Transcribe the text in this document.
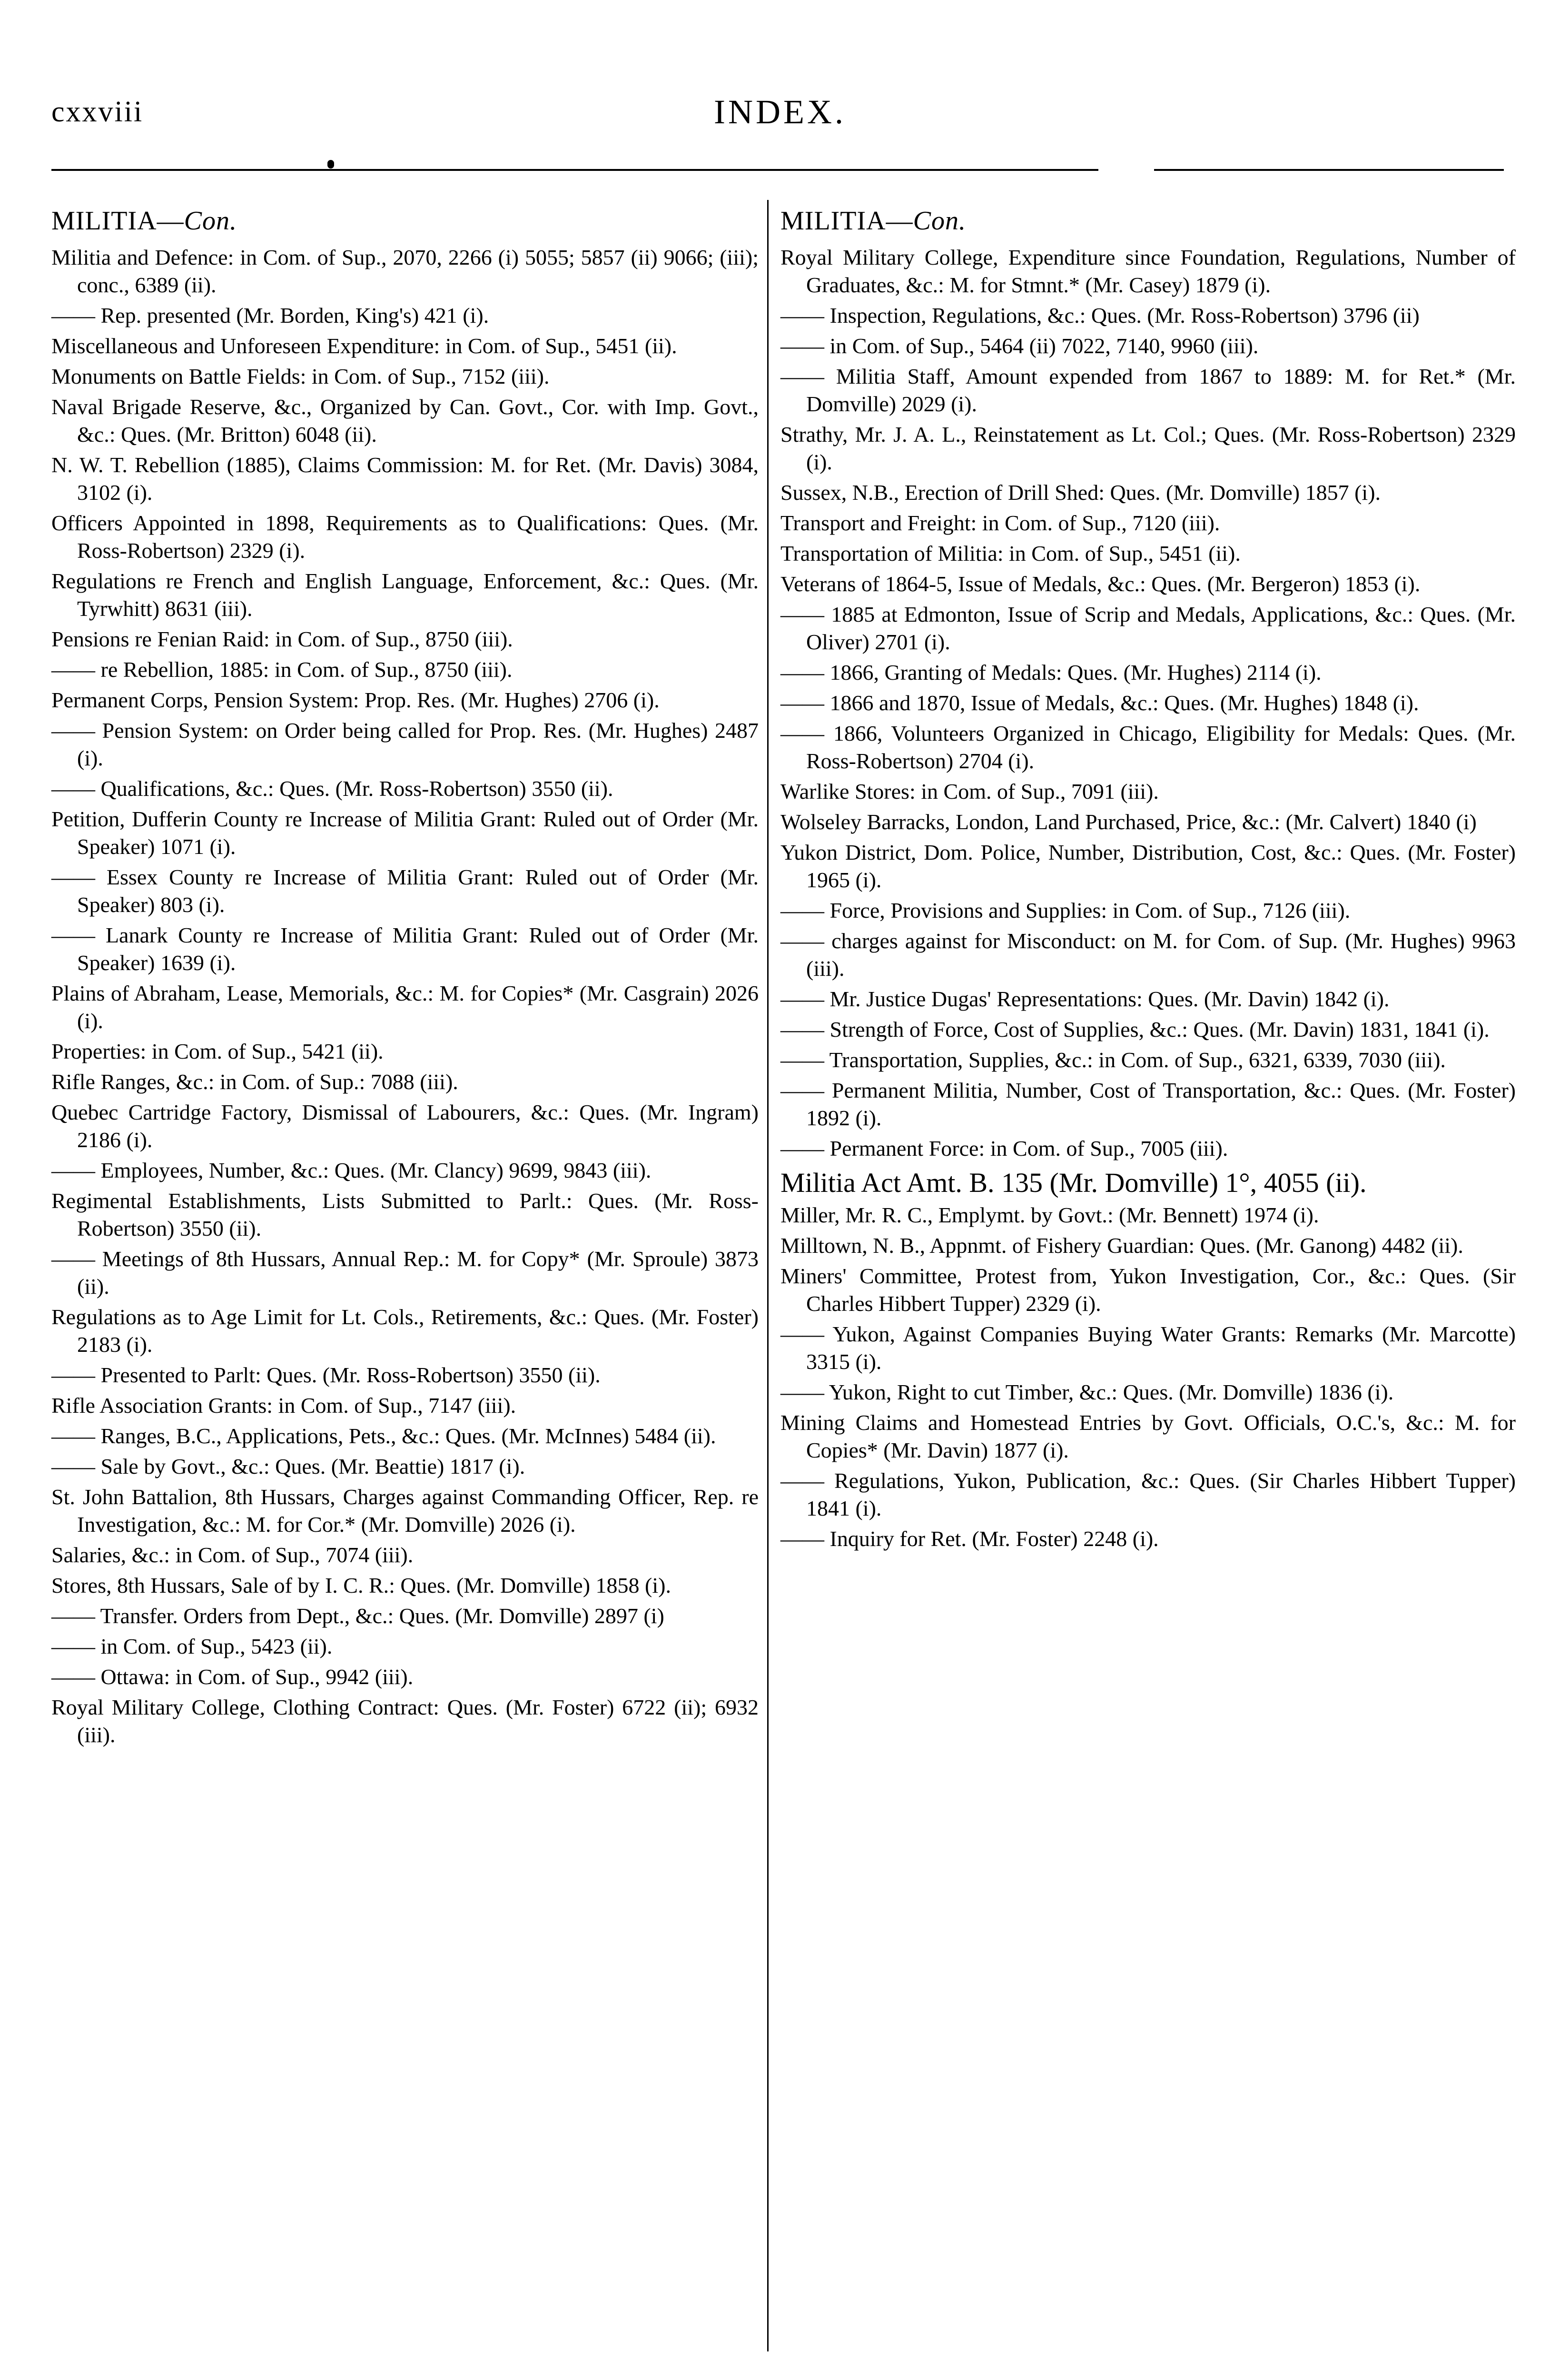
cxxviii	INDEX.
MILITIA—Con.
Militia and Defence: in Com. of Sup., 2070, 2266 (i) 5055; 5857 (ii) 9066; (iii); conc., 6389 (ii).
—— Rep. presented (Mr. Borden, King's) 421 (i).
Miscellaneous and Unforeseen Expenditure: in Com. of Sup., 5451 (ii).
Monuments on Battle Fields: in Com. of Sup., 7152 (iii).
Naval Brigade Reserve, &c., Organized by Can. Govt., Cor. with Imp. Govt., &c.: Ques. (Mr. Britton) 6048 (ii).
N. W. T. Rebellion (1885), Claims Commission: M. for Ret. (Mr. Davis) 3084, 3102 (i).
Officers Appointed in 1898, Requirements as to Qualifications: Ques. (Mr. Ross-Robertson) 2329 (i).
Regulations re French and English Language, Enforcement, &c.: Ques. (Mr. Tyrwhitt) 8631 (iii).
Pensions re Fenian Raid: in Com. of Sup., 8750 (iii).
—— re Rebellion, 1885: in Com. of Sup., 8750 (iii).
Permanent Corps, Pension System: Prop. Res. (Mr. Hughes) 2706 (i).
—— Pension System: on Order being called for Prop. Res. (Mr. Hughes) 2487 (i).
—— Qualifications, &c.: Ques. (Mr. Ross-Robertson) 3550 (ii).
Petition, Dufferin County re Increase of Militia Grant: Ruled out of Order (Mr. Speaker) 1071 (i).
—— Essex County re Increase of Militia Grant: Ruled out of Order (Mr. Speaker) 803 (i).
—— Lanark County re Increase of Militia Grant: Ruled out of Order (Mr. Speaker) 1639 (i).
Plains of Abraham, Lease, Memorials, &c.: M. for Copies* (Mr. Casgrain) 2026 (i).
Properties: in Com. of Sup., 5421 (ii).
Rifle Ranges, &c.: in Com. of Sup.: 7088 (iii).
Quebec Cartridge Factory, Dismissal of Labourers, &c.: Ques. (Mr. Ingram) 2186 (i).
—— Employees, Number, &c.: Ques. (Mr. Clancy) 9699, 9843 (iii).
Regimental Establishments, Lists Submitted to Parlt.: Ques. (Mr. Ross-Robertson) 3550 (ii).
—— Meetings of 8th Hussars, Annual Rep.: M. for Copy* (Mr. Sproule) 3873 (ii).
Regulations as to Age Limit for Lt. Cols., Retirements, &c.: Ques. (Mr. Foster) 2183 (i).
—— Presented to Parlt: Ques. (Mr. Ross-Robertson) 3550 (ii).
Rifle Association Grants: in Com. of Sup., 7147 (iii).
—— Ranges, B.C., Applications, Pets., &c.: Ques. (Mr. McInnes) 5484 (ii).
—— Sale by Govt., &c.: Ques. (Mr. Beattie) 1817 (i).
St. John Battalion, 8th Hussars, Charges against Commanding Officer, Rep. re Investigation, &c.: M. for Cor.* (Mr. Domville) 2026 (i).
Salaries, &c.: in Com. of Sup., 7074 (iii).
Stores, 8th Hussars, Sale of by I. C. R.: Ques. (Mr. Domville) 1858 (i).
—— Transfer. Orders from Dept., &c.: Ques. (Mr. Domville) 2897 (i)
—— in Com. of Sup., 5423 (ii).
—— Ottawa: in Com. of Sup., 9942 (iii).
Royal Military College, Clothing Contract: Ques. (Mr. Foster) 6722 (ii); 6932 (iii).
MILITIA—Con.
Royal Military College, Expenditure since Foundation, Regulations, Number of Graduates, &c.: M. for Stmnt.* (Mr. Casey) 1879 (i).
—— Inspection, Regulations, &c.: Ques. (Mr. Ross-Robertson) 3796 (ii)
—— in Com. of Sup., 5464 (ii) 7022, 7140, 9960 (iii).
—— Militia Staff, Amount expended from 1867 to 1889: M. for Ret.* (Mr. Domville) 2029 (i).
Strathy, Mr. J. A. L., Reinstatement as Lt. Col.; Ques. (Mr. Ross-Robertson) 2329 (i).
Sussex, N.B., Erection of Drill Shed: Ques. (Mr. Domville) 1857 (i).
Transport and Freight: in Com. of Sup., 7120 (iii).
Transportation of Militia: in Com. of Sup., 5451 (ii).
Veterans of 1864-5, Issue of Medals, &c.: Ques. (Mr. Bergeron) 1853 (i).
—— 1885 at Edmonton, Issue of Scrip and Medals, Applications, &c.: Ques. (Mr. Oliver) 2701 (i).
—— 1866, Granting of Medals: Ques. (Mr. Hughes) 2114 (i).
—— 1866 and 1870, Issue of Medals, &c.: Ques. (Mr. Hughes) 1848 (i).
—— 1866, Volunteers Organized in Chicago, Eligibility for Medals: Ques. (Mr. Ross-Robertson) 2704 (i).
Warlike Stores: in Com. of Sup., 7091 (iii).
Wolseley Barracks, London, Land Purchased, Price, &c.: (Mr. Calvert) 1840 (i)
Yukon District, Dom. Police, Number, Distribution, Cost, &c.: Ques. (Mr. Foster) 1965 (i).
—— Force, Provisions and Supplies: in Com. of Sup., 7126 (iii).
—— charges against for Misconduct: on M. for Com. of Sup. (Mr. Hughes) 9963 (iii).
—— Mr. Justice Dugas' Representations: Ques. (Mr. Davin) 1842 (i).
—— Strength of Force, Cost of Supplies, &c.: Ques. (Mr. Davin) 1831, 1841 (i).
—— Transportation, Supplies, &c.: in Com. of Sup., 6321, 6339, 7030 (iii).
—— Permanent Militia, Number, Cost of Transportation, &c.: Ques. (Mr. Foster) 1892 (i).
—— Permanent Force: in Com. of Sup., 7005 (iii).
Militia Act Amt. B. 135 (Mr. Domville) 1°, 4055 (ii).
Miller, Mr. R. C., Emplymt. by Govt.: (Mr. Bennett) 1974 (i).
Milltown, N. B., Appnmt. of Fishery Guardian: Ques. (Mr. Ganong) 4482 (ii).
Miners' Committee, Protest from, Yukon Investigation, Cor., &c.: Ques. (Sir Charles Hibbert Tupper) 2329 (i).
—— Yukon, Against Companies Buying Water Grants: Remarks (Mr. Marcotte) 3315 (i).
—— Yukon, Right to cut Timber, &c.: Ques. (Mr. Domville) 1836 (i).
Mining Claims and Homestead Entries by Govt. Officials, O.C.'s, &c.: M. for Copies* (Mr. Davin) 1877 (i).
—— Regulations, Yukon, Publication, &c.: Ques. (Sir Charles Hibbert Tupper) 1841 (i).
—— Inquiry for Ret. (Mr. Foster) 2248 (i).
